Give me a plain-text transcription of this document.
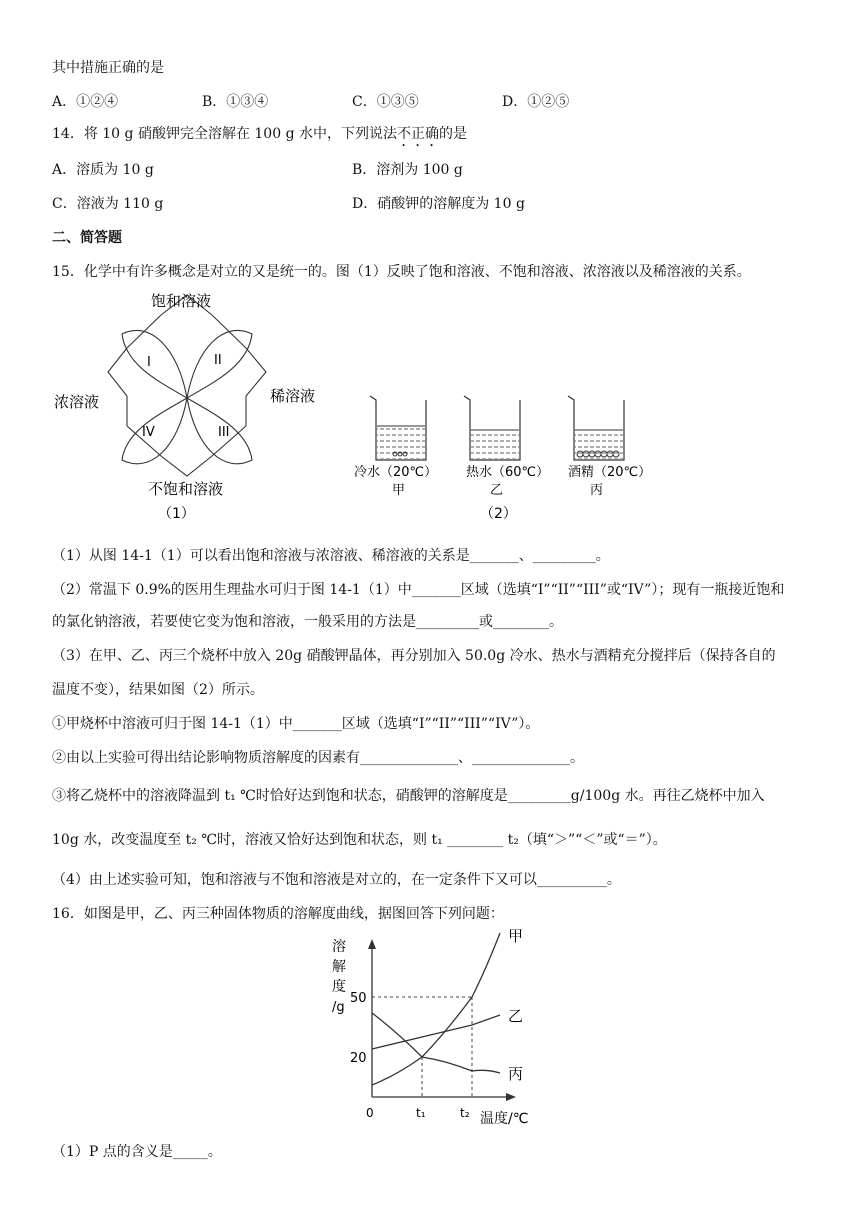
其中措施正确的是
A．①②④	B．①③④	C．①③⑤	D．①②⑤
14．将 10 g 硝酸钾完全溶解在 100 g 水中，下列说法不正确的是
A．溶质为 10 g	B．溶剂为 100 g
C．溶液为 110 g	D．硝酸钾的溶解度为 10 g
二、简答题
15．化学中有许多概念是对立的又是统一的。图（1）反映了饱和溶液、不饱和溶液、浓溶液以及稀溶液的关系。
饱和溶液
不饱和溶液
浓溶液	稀溶液
I	II
III
IV
（1）
冷水（20℃）
甲
热水（60℃）
乙
酒精（20℃）
丙
（2）
（1）从图 14-1（1）可以看出饱和溶液与浓溶液、稀溶液的关系是_______、_________。
（2）常温下 0.9%的医用生理盐水可归于图 14-1（1）中_______区域（选填“I”“II”“III”或“IV”）；现有一瓶接近饱和
的氯化钠溶液，若要使它变为饱和溶液，一般采用的方法是_________或________。
（3）在甲、乙、丙三个烧杯中放入 20g 硝酸钾晶体，再分别加入 50.0g 冷水、热水与酒精充分搅拌后（保持各自的
温度不变），结果如图（2）所示。
①甲烧杯中溶液可归于图 14-1（1）中_______区域（选填“I”“II”“III”“IV”）。
②由以上实验可得出结论影响物质溶解度的因素有______________、______________。
③将乙烧杯中的溶液降温到 t₁ ℃时恰好达到饱和状态，硝酸钾的溶解度是_________g/100g 水。再往乙烧杯中加入
10g 水，改变温度至 t₂ ℃时，溶液又恰好达到饱和状态，则 t₁ ________ t₂（填“＞”“＜”或“＝”）。
（4）由上述实验可知，饱和溶液与不饱和溶液是对立的，在一定条件下又可以__________。
16．如图是甲，乙、丙三种固体物质的溶解度曲线，据图回答下列问题：
溶
解
度
/g
温度/℃
0	t₁	t₂
20
50
甲
乙
丙
（1）P 点的含义是_____。
